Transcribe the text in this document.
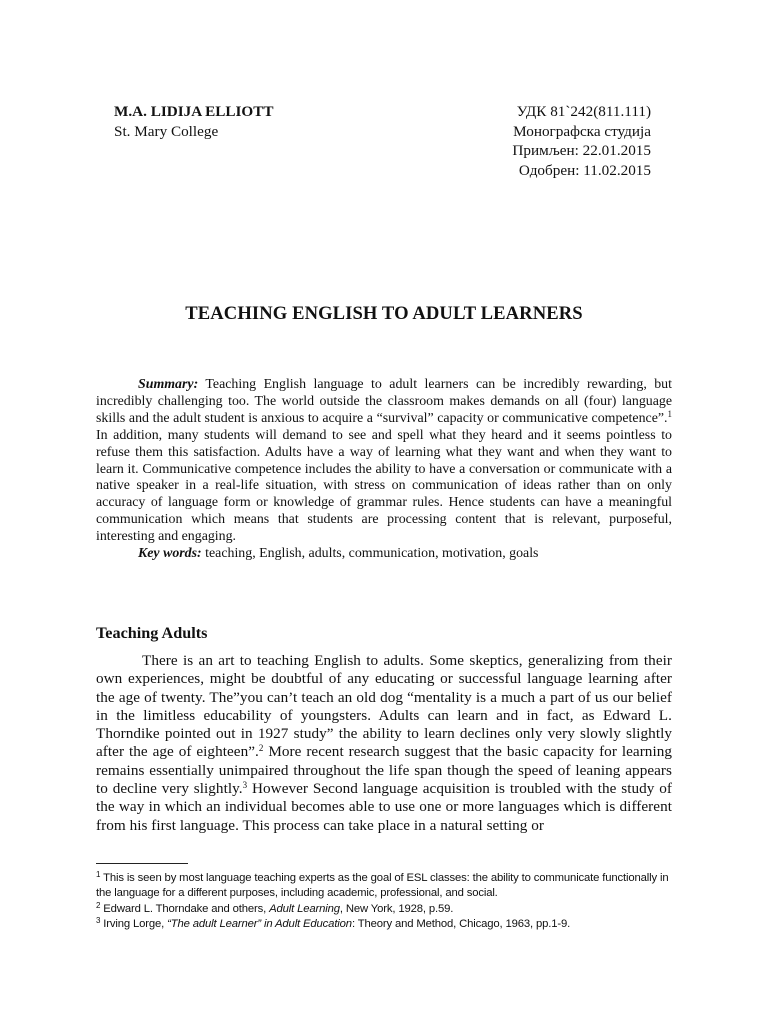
M.A. LIDIJA ELLIOTT
St. Mary College
УДК 81`242(811.111)
Монографска студија
Примљен: 22.01.2015
Одобрен: 11.02.2015
TEACHING ENGLISH TO ADULT LEARNERS

Summary: Teaching English language to adult learners can be incredibly rewarding, but incredibly challenging too. The world outside the classroom makes demands on all (four) language skills and the adult student is anxious to acquire a “survival” capacity or communicative competence”.$^1$ In addition, many students will demand to see and spell what they heard and it seems pointless to refuse them this satisfaction. Adults have a way of learning what they want and when they want to learn it. Communicative competence includes the ability to have a conversation or communicate with a native speaker in a real-life situation, with stress on communication of ideas rather than on only accuracy of language form or knowledge of grammar rules. Hence students can have a meaningful communication which means that students are processing content that is relevant, purposeful, interesting and engaging.

Key words: teaching, English, adults, communication, motivation, goals

Teaching Adults

There is an art to teaching English to adults. Some skeptics, generalizing from their own experiences, might be doubtful of any educating or successful language learning after the age of twenty. The”you can’t teach an old dog “mentality is a much a part of us our belief in the limitless educability of youngsters. Adults can learn and in fact, as Edward L. Thorndike pointed out in 1927 study” the ability to learn declines only very slowly slightly after the age of eighteen”.$^2$ More recent research suggest that the basic capacity for learning remains essentially unimpaired throughout the life span though the speed of leaning appears to decline very slightly.$^3$ However Second language acquisition is troubled with the study of the way in which an individual becomes able to use one or more languages which is different from his first language. This process can take place in a natural setting or

$^1$ This is seen by most language teaching experts as the goal of ESL classes: the ability to communicate functionally in the language for a different purposes, including academic, professional, and social.

$^2$ Edward L. Thorndake and others, Adult Learning, New York, 1928, p.59.

$^3$ Irving Lorge, “The adult Learner” in Adult Education: Theory and Method, Chicago, 1963, pp.1-9.
